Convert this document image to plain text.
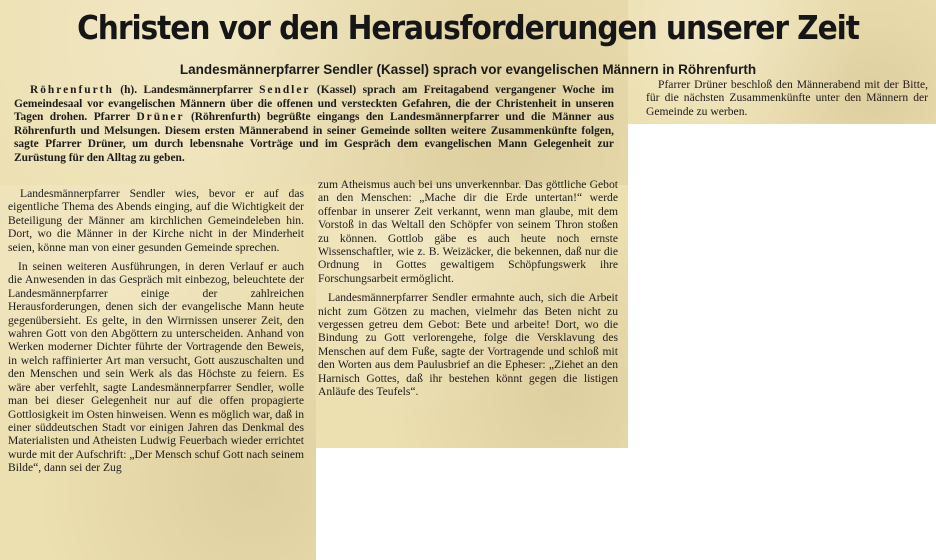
Christen vor den Herausforderungen unserer Zeit
Landesmännerpfarrer Sendler (Kassel) sprach vor evangelischen Männern in Röhrenfurth

Röhrenfurth (h). Landesmännerpfarrer Sendler (Kassel) sprach am Freitagabend vergangener Woche im Gemeindesaal vor evangelischen Männern über die offenen und versteckten Gefahren, die der Christenheit in unseren Tagen drohen. Pfarrer Drüner (Röhrenfurth) begrüßte eingangs den Landesmännerpfarrer und die Männer aus Röhrenfurth und Melsungen. Diesem ersten Männerabend in seiner Gemeinde sollten weitere Zusammenkünfte folgen, sagte Pfarrer Drüner, um durch lebensnahe Vorträge und im Gespräch dem evangelischen Mann Gelegenheit zur Zurüstung für den Alltag zu geben.

Landesmännerpfarrer Sendler wies, bevor er auf das eigentliche Thema des Abends einging, auf die Wichtigkeit der Beteiligung der Männer am kirchlichen Gemeindeleben hin. Dort, wo die Männer in der Kirche nicht in der Minderheit seien, könne man von einer gesunden Gemeinde sprechen.

In seinen weiteren Ausführungen, in deren Verlauf er auch die Anwesenden in das Gespräch mit einbezog, beleuchtete der Landesmännerpfarrer einige der zahlreichen Herausforderungen, denen sich der evangelische Mann heute gegenübersieht. Es gelte, in den Wirrnissen unserer Zeit, den wahren Gott von den Abgöttern zu unterscheiden. Anhand von Werken moderner Dichter führte der Vortragende den Beweis, in welch raffinierter Art man versucht, Gott auszuschalten und den Menschen und sein Werk als das Höchste zu feiern. Es wäre aber verfehlt, sagte Landesmännerpfarrer Sendler, wolle man bei dieser Gelegenheit nur auf die offen propagierte Gottlosigkeit im Osten hinweisen. Wenn es möglich war, daß in einer süddeutschen Stadt vor einigen Jahren das Denkmal des Materialisten und Atheisten Ludwig Feuerbach wieder errichtet wurde mit der Aufschrift: „Der Mensch schuf Gott nach seinem Bilde“, dann sei der Zug

zum Atheismus auch bei uns unverkennbar. Das göttliche Gebot an den Menschen: „Mache dir die Erde untertan!“ werde offenbar in unserer Zeit verkannt, wenn man glaube, mit dem Vorstoß in das Weltall den Schöpfer von seinem Thron stoßen zu können. Gottlob gäbe es auch heute noch ernste Wissenschaftler, wie z. B. Weizäcker, die bekennen, daß nur die Ordnung in Gottes gewaltigem Schöpfungswerk ihre Forschungsarbeit ermöglicht.

Landesmännerpfarrer Sendler ermahnte auch, sich die Arbeit nicht zum Götzen zu machen, vielmehr das Beten nicht zu vergessen getreu dem Gebot: Bete und arbeite! Dort, wo die Bindung zu Gott verlorengehe, folge die Versklavung des Menschen auf dem Fuße, sagte der Vortragende und schloß mit den Worten aus dem Paulusbrief an die Epheser: „Ziehet an den Harnisch Gottes, daß ihr bestehen könnt gegen die listigen Anläufe des Teufels“.

Pfarrer Drüner beschloß den Männerabend mit der Bitte, für die nächsten Zusammenkünfte unter den Männern der Gemeinde zu werben.
